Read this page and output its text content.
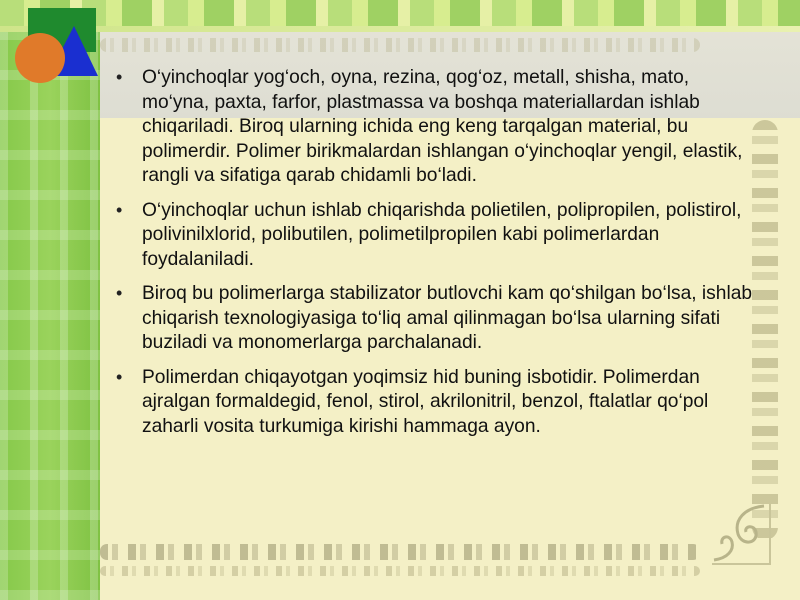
• O‘yinchoqlar yog‘och, oyna, rezina, qog‘oz, metall, shisha, mato, mo‘yna, paxta, farfor, plastmassa va boshqa materiallardan ishlab chiqariladi. Biroq ularning ichida eng keng tarqalgan material, bu polimerdir. Polimer birikmalardan ishlangan o‘yinchoqlar yengil, elastik, rangli va sifatiga qarab chidamli bo‘ladi.
• O‘yinchoqlar uchun ishlab chiqarishda polietilen, polipropilen, polistirol, polivinilxlorid, polibutilen, polimetilpropilen kabi polimerlardan foydalaniladi.
• Biroq bu polimerlarga stabilizator butlovchi kam qo‘shilgan bo‘lsa, ishlab chiqarish texnologiyasiga to‘liq amal qilinmagan bo‘lsa ularning sifati buziladi va monomerlarga parchalanadi.
• Polimerdan chiqayotgan yoqimsiz hid buning isbotidir. Polimerdan ajralgan formaldegid, fenol, stirol, akrilonitril, benzol, ftalatlar qo‘pol zaharli vosita turkumiga kirishi hammaga ayon.
